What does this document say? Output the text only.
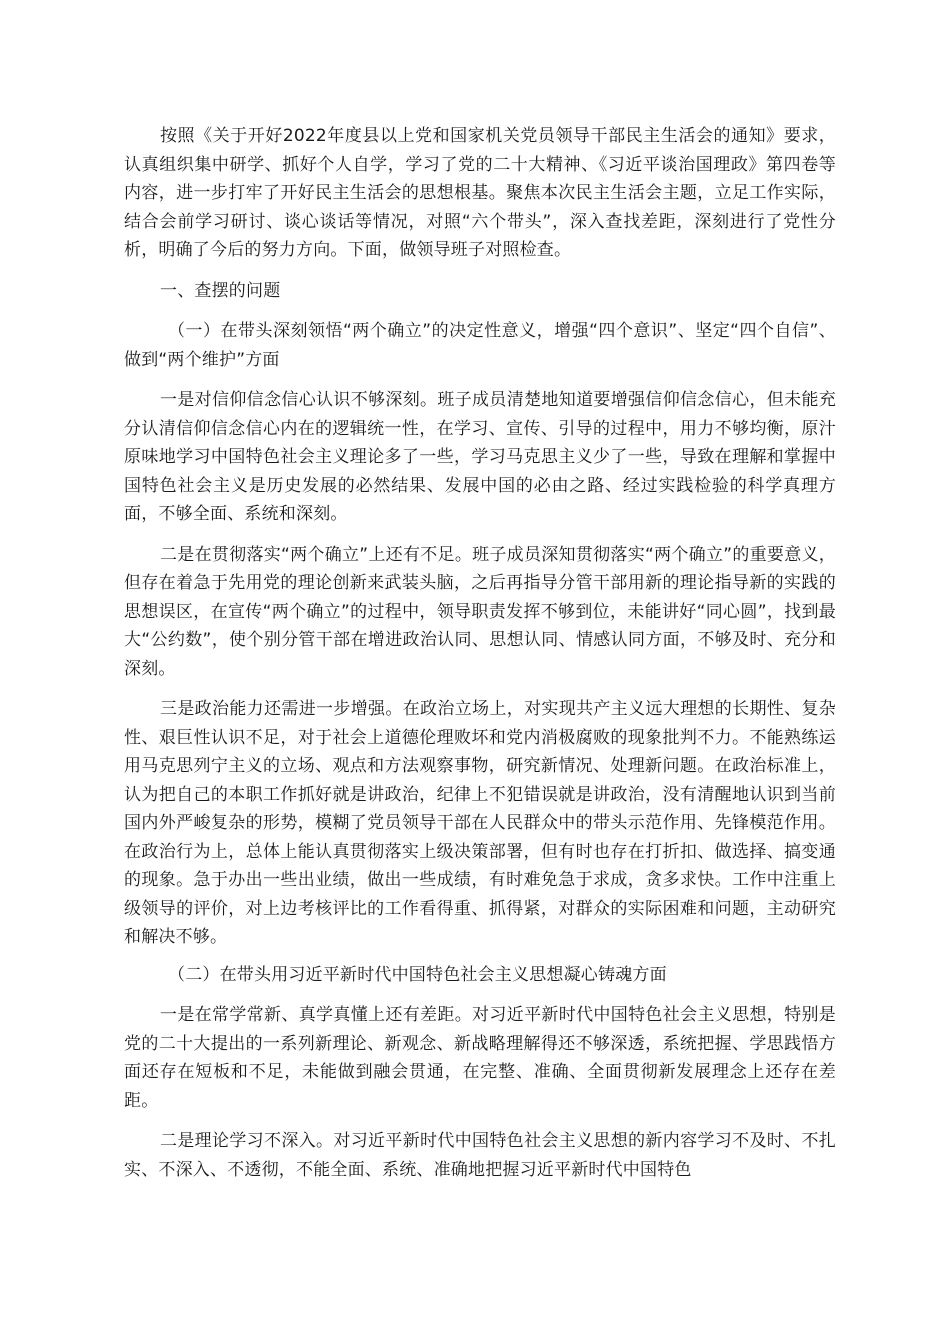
按照《关于开好2022年度县以上党和国家机关党员领导干部民主生活会的通知》要求，认真组织集中研学、抓好个人自学，学习了党的二十大精神、《习近平谈治国理政》第四卷等内容，进一步打牢了开好民主生活会的思想根基。聚焦本次民主生活会主题，立足工作实际，结合会前学习研讨、谈心谈话等情况，对照“六个带头”，深入查找差距，深刻进行了党性分析，明确了今后的努力方向。下面，做领导班子对照检查。

一、查摆的问题

（一）在带头深刻领悟“两个确立”的决定性意义，增强“四个意识”、坚定“四个自信”、做到“两个维护”方面

一是对信仰信念信心认识不够深刻。班子成员清楚地知道要增强信仰信念信心，但未能充分认清信仰信念信心内在的逻辑统一性，在学习、宣传、引导的过程中，用力不够均衡，原汁原味地学习中国特色社会主义理论多了一些，学习马克思主义少了一些，导致在理解和掌握中国特色社会主义是历史发展的必然结果、发展中国的必由之路、经过实践检验的科学真理方面，不够全面、系统和深刻。

二是在贯彻落实“两个确立”上还有不足。班子成员深知贯彻落实“两个确立”的重要意义，但存在着急于先用党的理论创新来武装头脑，之后再指导分管干部用新的理论指导新的实践的思想误区，在宣传“两个确立”的过程中，领导职责发挥不够到位，未能讲好“同心圆”，找到最大“公约数”，使个别分管干部在增进政治认同、思想认同、情感认同方面，不够及时、充分和深刻。

三是政治能力还需进一步增强。在政治立场上，对实现共产主义远大理想的长期性、复杂性、艰巨性认识不足，对于社会上道德伦理败坏和党内消极腐败的现象批判不力。不能熟练运用马克思列宁主义的立场、观点和方法观察事物，研究新情况、处理新问题。在政治标准上，认为把自己的本职工作抓好就是讲政治，纪律上不犯错误就是讲政治，没有清醒地认识到当前国内外严峻复杂的形势，模糊了党员领导干部在人民群众中的带头示范作用、先锋模范作用。在政治行为上，总体上能认真贯彻落实上级决策部署，但有时也存在打折扣、做选择、搞变通的现象。急于办出一些出业绩，做出一些成绩，有时难免急于求成，贪多求快。工作中注重上级领导的评价，对上边考核评比的工作看得重、抓得紧，对群众的实际困难和问题，主动研究和解决不够。

（二）在带头用习近平新时代中国特色社会主义思想凝心铸魂方面

一是在常学常新、真学真懂上还有差距。对习近平新时代中国特色社会主义思想，特别是党的二十大提出的一系列新理论、新观念、新战略理解得还不够深透，系统把握、学思践悟方面还存在短板和不足，未能做到融会贯通，在完整、准确、全面贯彻新发展理念上还存在差距。

二是理论学习不深入。对习近平新时代中国特色社会主义思想的新内容学习不及时、不扎实、不深入、不透彻，不能全面、系统、准确地把握习近平新时代中国特色
